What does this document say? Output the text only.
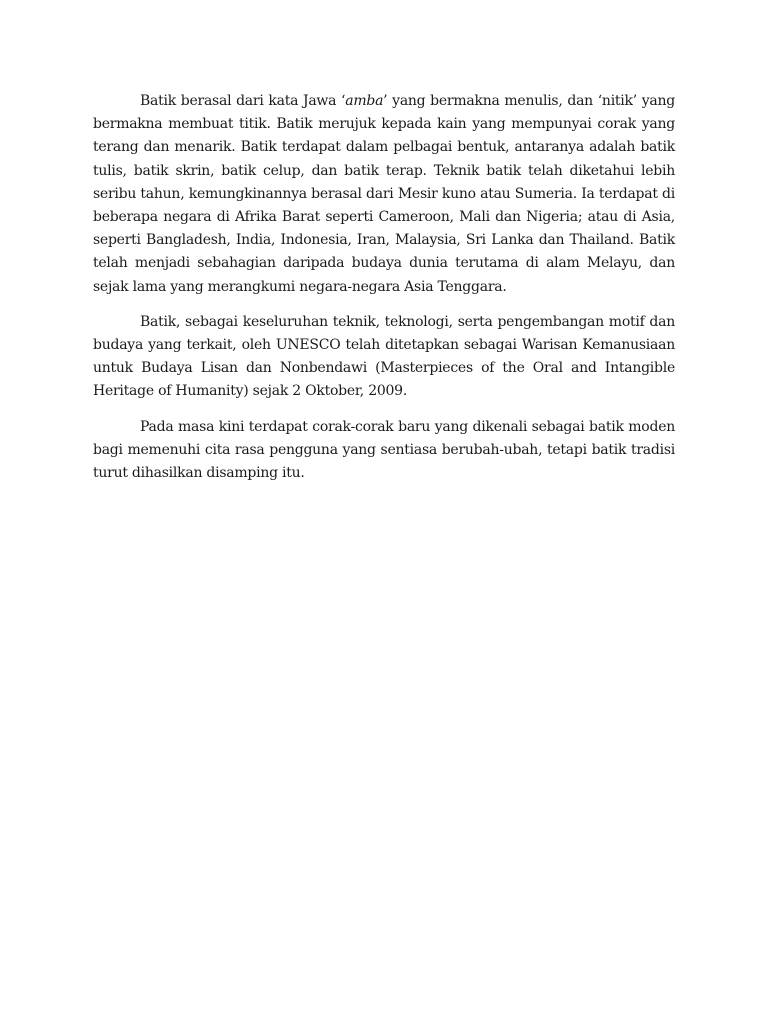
Batik berasal dari kata Jawa ‘amba’ yang bermakna menulis, dan ‘nitik’ yang bermakna membuat titik. Batik merujuk kepada kain yang mempunyai corak yang terang dan menarik. Batik terdapat dalam pelbagai bentuk, antaranya adalah batik tulis, batik skrin, batik celup, dan batik terap. Teknik batik telah diketahui lebih seribu tahun, kemungkinannya berasal dari Mesir kuno atau Sumeria. Ia terdapat di beberapa negara di Afrika Barat seperti Cameroon, Mali dan Nigeria; atau di Asia, seperti Bangladesh, India, Indonesia, Iran, Malaysia, Sri Lanka dan Thailand. Batik telah menjadi sebahagian daripada budaya dunia terutama di alam Melayu, dan sejak lama yang merangkumi negara-negara Asia Tenggara.

Batik, sebagai keseluruhan teknik, teknologi, serta pengembangan motif dan budaya yang terkait, oleh UNESCO telah ditetapkan sebagai Warisan Kemanusiaan untuk Budaya Lisan dan Nonbendawi (Masterpieces of the Oral and Intangible Heritage of Humanity) sejak 2 Oktober, 2009.

Pada masa kini terdapat corak-corak baru yang dikenali sebagai batik moden bagi memenuhi cita rasa pengguna yang sentiasa berubah-ubah, tetapi batik tradisi turut dihasilkan disamping itu.
